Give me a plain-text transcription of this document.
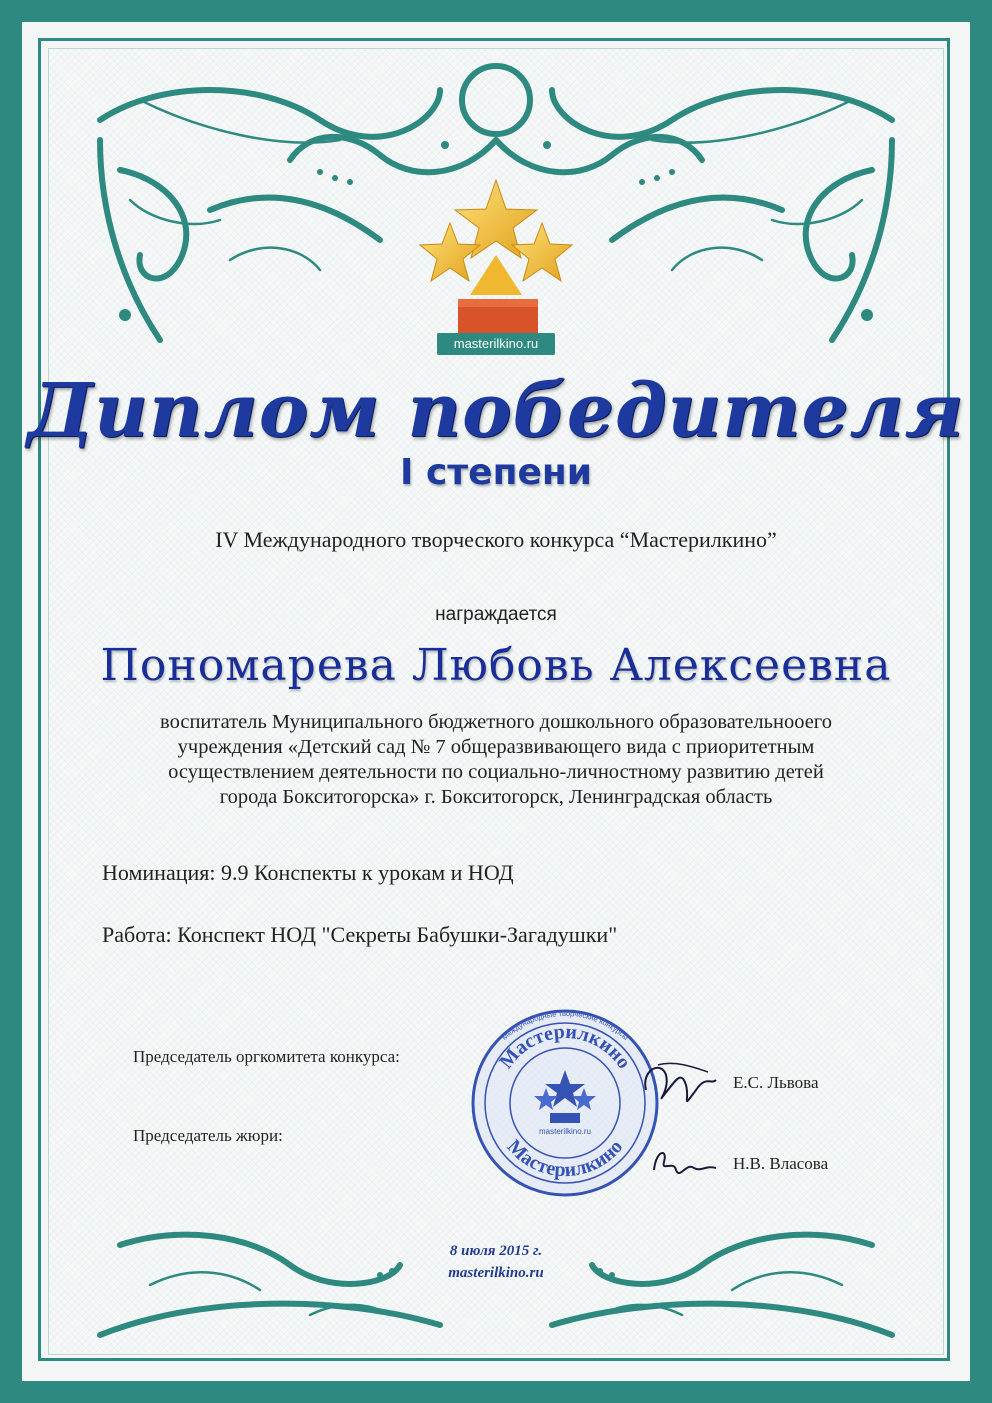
masterilkino.ru
Диплом победителя
I степени
IV Международного творческого конкурса “Мастерилкино”
награждается
Пономарева Любовь Алексеевна
воспитатель Муниципального бюджетного дошкольного образовательнооего
учреждения «Детский сад № 7 общеразвивающего вида с приоритетным
осуществлением деятельности по социально-личностному развитию детей
города Бокситогорска» г. Бокситогорск, Ленинградская область
Номинация: 9.9 Конспекты к урокам и НОД
Работа: Конспект НОД "Секреты Бабушки-Загадушки"
Председатель оргкомитета конкурса:
Председатель жюри:
Е.С. Львова
Н.В. Власова
Мастерилкино
Мастерилкино
Международные творческие конкурсы
masterilkino.ru
8 июля 2015 г.
masterilkino.ru
